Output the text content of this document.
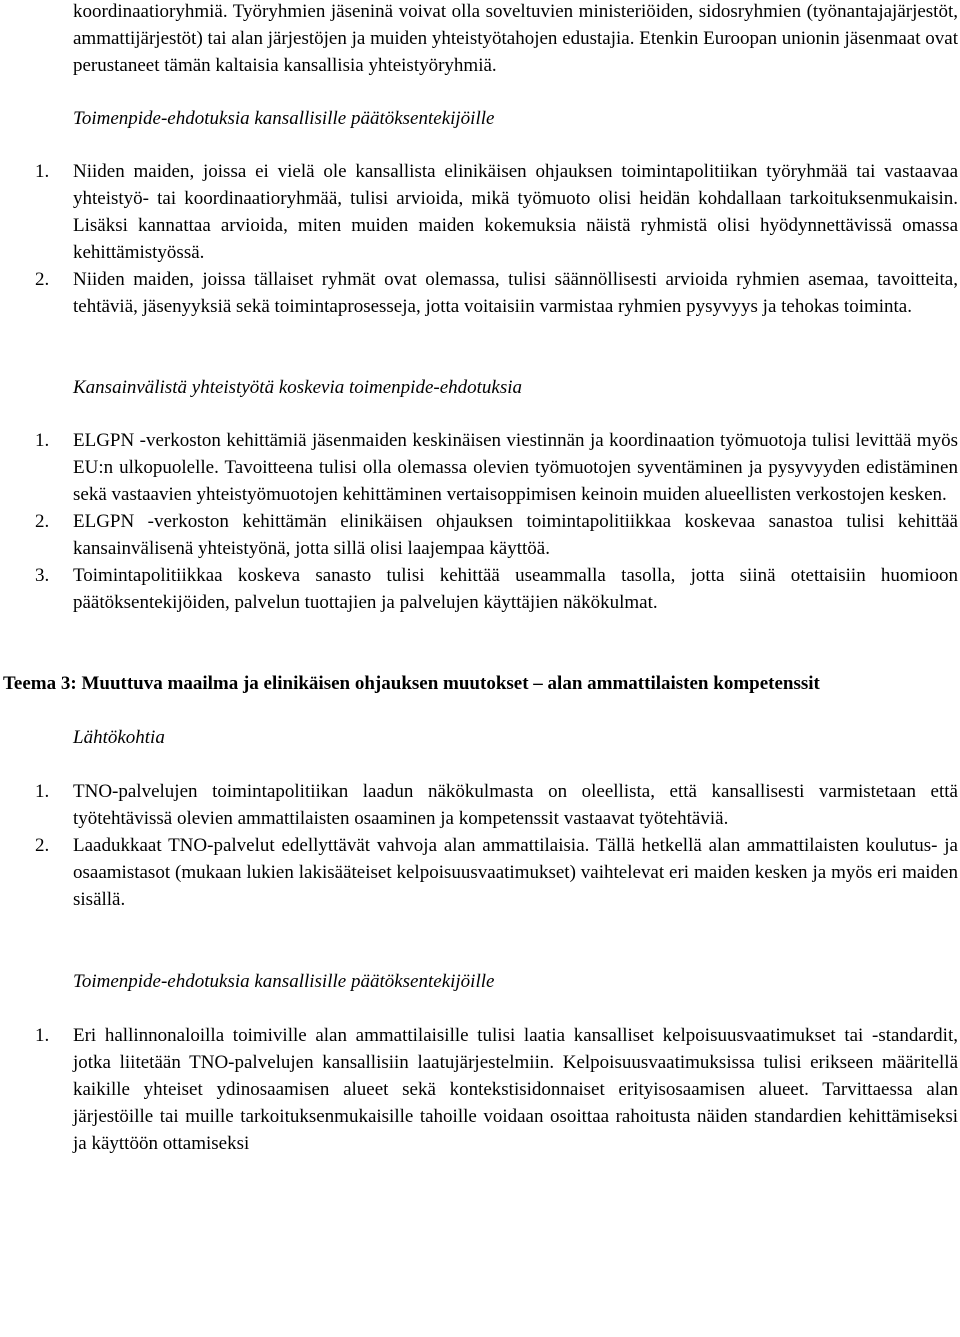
koordinaatioryhmiä. Työryhmien jäseninä voivat olla soveltuvien ministeriöiden, sidosryhmien (työnantajajärjestöt, ammattijärjestöt) tai alan järjestöjen ja muiden yhteistyötahojen edustajia. Etenkin Euroopan unionin jäsenmaat ovat perustaneet tämän kaltaisia kansallisia yhteistyöryhmiä.

Toimenpide-ehdotuksia kansallisille päätöksentekijöille
1. Niiden maiden, joissa ei vielä ole kansallista elinikäisen ohjauksen toimintapolitiikan työryhmää tai vastaavaa yhteistyö- tai koordinaatioryhmää, tulisi arvioida, mikä työmuoto olisi heidän kohdallaan tarkoituksenmukaisin. Lisäksi kannattaa arvioida, miten muiden maiden kokemuksia näistä ryhmistä olisi hyödynnettävissä omassa kehittämistyössä.
2. Niiden maiden, joissa tällaiset ryhmät ovat olemassa, tulisi säännöllisesti arvioida ryhmien asemaa, tavoitteita, tehtäviä, jäsenyyksiä sekä toimintaprosesseja, jotta voitaisiin varmistaa ryhmien pysyvyys ja tehokas toiminta.
Kansainvälistä yhteistyötä koskevia toimenpide-ehdotuksia
1. ELGPN -verkoston kehittämiä jäsenmaiden keskinäisen viestinnän ja koordinaation työmuotoja tulisi levittää myös EU:n ulkopuolelle. Tavoitteena tulisi olla olemassa olevien työmuotojen syventäminen ja pysyvyyden edistäminen sekä vastaavien yhteistyömuotojen kehittäminen vertaisoppimisen keinoin muiden alueellisten verkostojen kesken.
2. ELGPN -verkoston kehittämän elinikäisen ohjauksen toimintapolitiikkaa koskevaa sanastoa tulisi kehittää kansainvälisenä yhteistyönä, jotta sillä olisi laajempaa käyttöä.
3. Toimintapolitiikkaa koskeva sanasto tulisi kehittää useammalla tasolla, jotta siinä otettaisiin huomioon päätöksentekijöiden, palvelun tuottajien ja palvelujen käyttäjien näkökulmat.
Teema 3: Muuttuva maailma ja elinikäisen ohjauksen muutokset – alan ammattilaisten kompetenssit
Lähtökohtia
1. TNO-palvelujen toimintapolitiikan laadun näkökulmasta on oleellista, että kansallisesti varmistetaan että työtehtävissä olevien ammattilaisten osaaminen ja kompetenssit vastaavat työtehtäviä.
2. Laadukkaat TNO-palvelut edellyttävät vahvoja alan ammattilaisia. Tällä hetkellä alan ammattilaisten koulutus- ja osaamistasot (mukaan lukien lakisääteiset kelpoisuusvaatimukset) vaihtelevat eri maiden kesken ja myös eri maiden sisällä.
Toimenpide-ehdotuksia kansallisille päätöksentekijöille
1. Eri hallinnonaloilla toimiville alan ammattilaisille tulisi laatia kansalliset kelpoisuusvaatimukset tai -standardit, jotka liitetään TNO-palvelujen kansallisiin laatujärjestelmiin. Kelpoisuusvaatimuksissa tulisi erikseen määritellä kaikille yhteiset ydinosaamisen alueet sekä kontekstisidonnaiset erityisosaamisen alueet. Tarvittaessa alan järjestöille tai muille tarkoituksenmukaisille tahoille voidaan osoittaa rahoitusta näiden standardien kehittämiseksi ja käyttöön ottamiseksi
